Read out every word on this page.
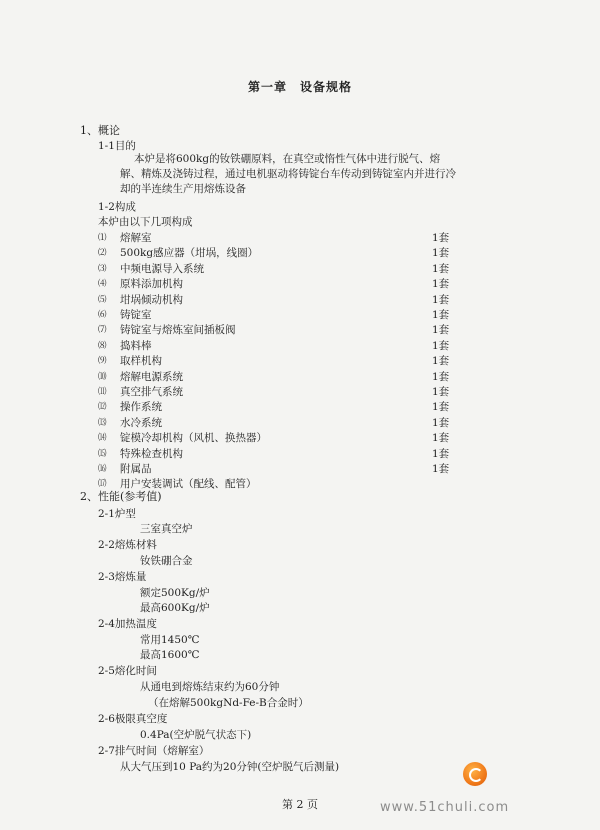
第一章　设备规格
1、概论
1-1目的

本炉是将600kg的钕铁硼原料，在真空或惰性气体中进行脱气、熔解、精炼及浇铸过程，通过电机驱动将铸锭台车传动到铸锭室内并进行冷却的半连续生产用熔炼设备

1-2构成
本炉由以下几项构成
⑴	熔解室	1套
⑵	500kg感应器（坩埚，线圈）	1套
⑶	中频电源导入系统	1套
⑷	原料添加机构	1套
⑸	坩埚倾动机构	1套
⑹	铸锭室	1套
⑺	铸锭室与熔炼室间插板阀	1套
⑻	捣料棒	1套
⑼	取样机构	1套
⑽	熔解电源系统	1套
⑾	真空排气系统	1套
⑿	操作系统	1套
⒀	水冷系统	1套
⒁	锭模冷却机构（风机、换热器）	1套
⒂	特殊检查机构	1套
⒃	附属品	1套
⒄	用户安装调试（配线、配管）
2、性能(参考值)
2-1炉型
三室真空炉
2-2熔炼材料
钕铁硼合金
2-3熔炼量
额定500Kg/炉
最高600Kg/炉
2-4加热温度
常用1450℃
最高1600℃
2-5熔化时间
从通电到熔炼结束约为60分钟
（在熔解500kgNd-Fe-B合金时）
2-6极限真空度
0.4Pa(空炉脱气状态下)
2-7排气时间（熔解室）
从大气压到10 Pa约为20分钟(空炉脱气后测量)
第 2 页	www.51chuli.com
